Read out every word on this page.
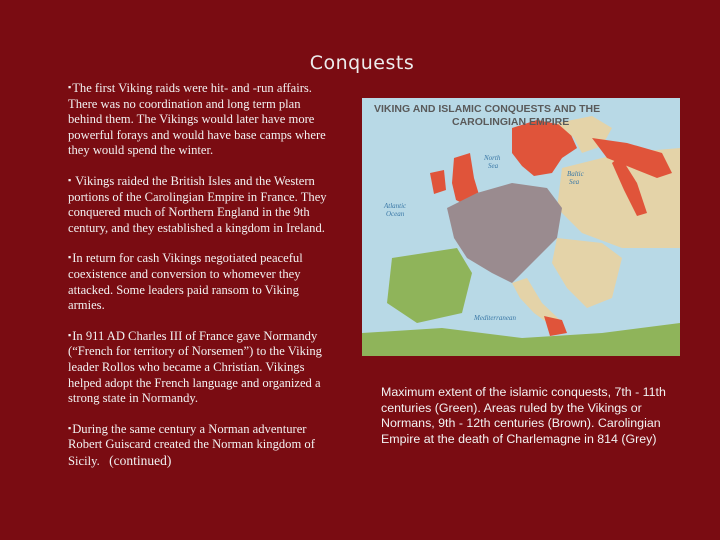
Conquests
▪The first Viking raids were hit- and -run affairs. There was no coordination and long term plan behind them. The Vikings would later have more powerful forays and would have base camps where they would spend the winter.
▪ Vikings raided the British Isles and the Western portions of the Carolingian Empire in France. They conquered much of Northern England in the 9th century, and they established a kingdom in Ireland.
▪In return for cash Vikings negotiated peaceful coexistence and conversion to whomever they attacked. Some leaders paid ransom to Viking armies.
▪In 911 AD Charles III of France gave Normandy (“French for territory of Norsemen”) to the Viking leader Rollos who became a Christian. Vikings helped adopt the French language and organized a strong state in Normandy.
▪During the same century a Norman adventurer Robert Guiscard created the Norman kingdom of Sicily. (continued)
VIKING AND ISLAMIC CONQUESTS AND THE
CAROLINGIAN EMPIRE
Atlantic
Ocean
North
Sea
Baltic
Sea
Mediterranean
Maximum extent of the islamic conquests, 7th - 11th centuries (Green). Areas ruled by the Vikings or Normans, 9th - 12th centuries (Brown). Carolingian Empire at the death of Charlemagne in 814 (Grey)
